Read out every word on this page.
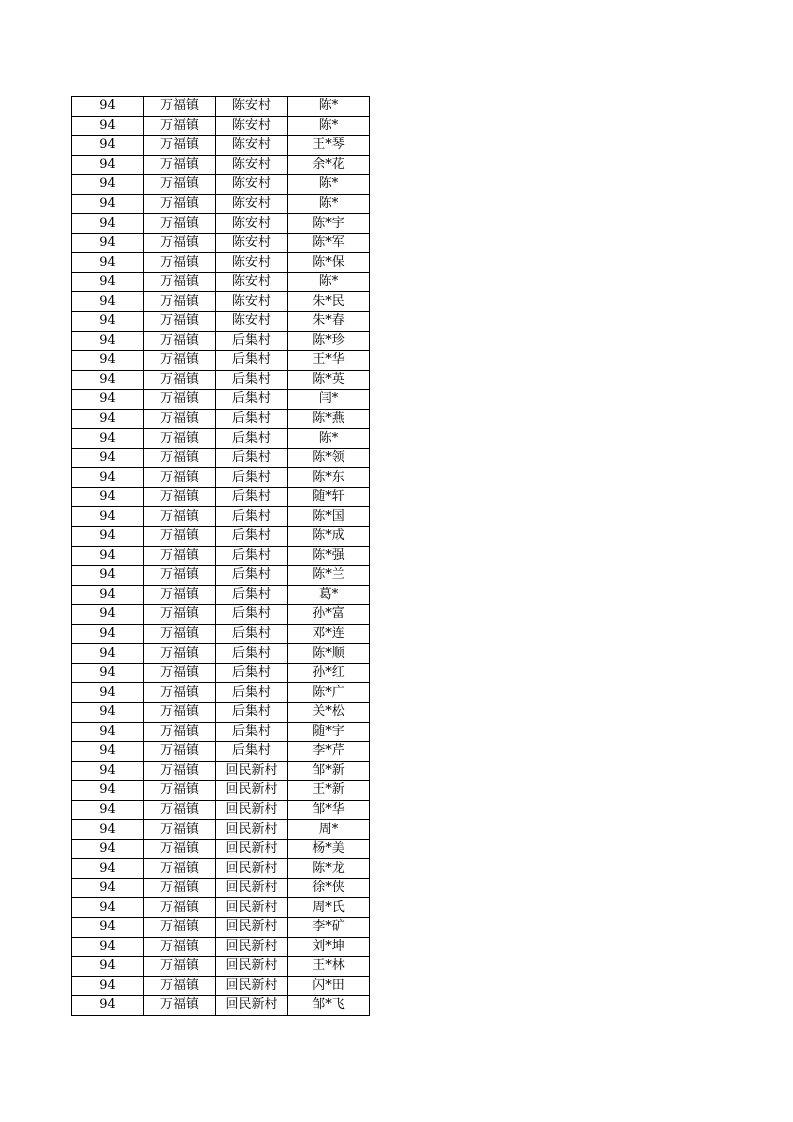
94	万福镇	陈安村	陈*
94	万福镇	陈安村	陈*
94	万福镇	陈安村	王*琴
94	万福镇	陈安村	余*花
94	万福镇	陈安村	陈*
94	万福镇	陈安村	陈*
94	万福镇	陈安村	陈*宇
94	万福镇	陈安村	陈*军
94	万福镇	陈安村	陈*保
94	万福镇	陈安村	陈*
94	万福镇	陈安村	朱*民
94	万福镇	陈安村	朱*春
94	万福镇	后集村	陈*珍
94	万福镇	后集村	王*华
94	万福镇	后集村	陈*英
94	万福镇	后集村	闫*
94	万福镇	后集村	陈*燕
94	万福镇	后集村	陈*
94	万福镇	后集村	陈*领
94	万福镇	后集村	陈*东
94	万福镇	后集村	随*轩
94	万福镇	后集村	陈*国
94	万福镇	后集村	陈*成
94	万福镇	后集村	陈*强
94	万福镇	后集村	陈*兰
94	万福镇	后集村	葛*
94	万福镇	后集村	孙*富
94	万福镇	后集村	邓*连
94	万福镇	后集村	陈*顺
94	万福镇	后集村	孙*红
94	万福镇	后集村	陈*广
94	万福镇	后集村	关*松
94	万福镇	后集村	随*宇
94	万福镇	后集村	李*芹
94	万福镇	回民新村	邹*新
94	万福镇	回民新村	王*新
94	万福镇	回民新村	邹*华
94	万福镇	回民新村	周*
94	万福镇	回民新村	杨*美
94	万福镇	回民新村	陈*龙
94	万福镇	回民新村	徐*侠
94	万福镇	回民新村	周*氏
94	万福镇	回民新村	李*矿
94	万福镇	回民新村	刘*坤
94	万福镇	回民新村	王*林
94	万福镇	回民新村	闪*田
94	万福镇	回民新村	邹*飞
